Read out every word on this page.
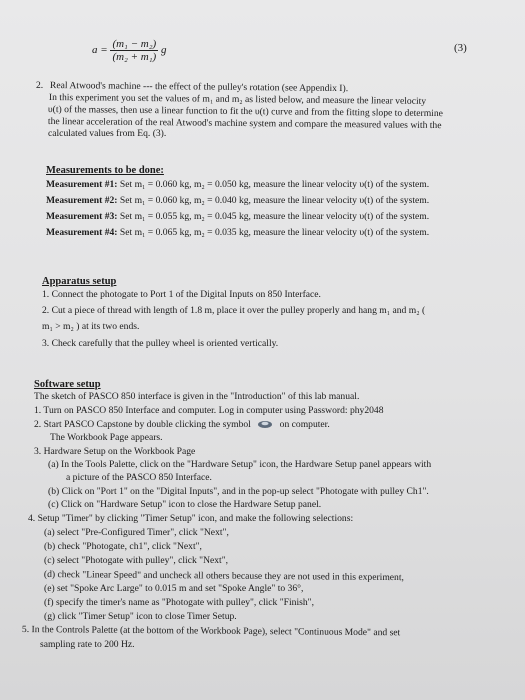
$a = \frac{\text{(m₁ − m₂)}}{\text{(m₂ + m₁)}}$ g	(3)
2. Real Atwood's machine --- the effect of the pulley's rotation (see Appendix I).
In this experiment you set the values of m₁ and m₂ as listed below, and measure the linear velocity
υ(t) of the masses, then use a linear function to fit the υ(t) curve and from the fitting slope to determine
the linear acceleration of the real Atwood's machine system and compare the measured values with the
calculated values from Eq. (3).
Measurements to be done:
Measurement #1: Set m₁ = 0.060 kg, m₂ = 0.050 kg, measure the linear velocity υ(t) of the system.
Measurement #2: Set m₁ = 0.060 kg, m₂ = 0.040 kg, measure the linear velocity υ(t) of the system.
Measurement #3: Set m₁ = 0.055 kg, m₂ = 0.045 kg, measure the linear velocity υ(t) of the system.
Measurement #4: Set m₁ = 0.065 kg, m₂ = 0.035 kg, measure the linear velocity υ(t) of the system.
Apparatus setup
1. Connect the photogate to Port 1 of the Digital Inputs on 850 Interface.
2. Cut a piece of thread with length of 1.8 m, place it over the pulley properly and hang m₁ and m₂ (
m₁ > m₂ ) at its two ends.
3. Check carefully that the pulley wheel is oriented vertically.
Software setup
The sketch of PASCO 850 interface is given in the "Introduction" of this lab manual.
1. Turn on PASCO 850 Interface and computer. Log in computer using Password: phy2048
2. Start PASCO Capstone by double clicking the symbol	on computer.
The Workbook Page appears.
3. Hardware Setup on the Workbook Page
(a) In the Tools Palette, click on the "Hardware Setup" icon, the Hardware Setup panel appears with
a picture of the PASCO 850 Interface.
(b) Click on "Port 1" on the "Digital Inputs", and in the pop-up select "Photogate with pulley Ch1".
(c) Click on "Hardware Setup" icon to close the Hardware Setup panel.
4. Setup "Timer" by clicking "Timer Setup" icon, and make the following selections:
(a) select "Pre-Configured Timer", click "Next",
(b) check "Photogate, ch1", click "Next",
(c) select "Photogate with pulley", click "Next",
(d) check "Linear Speed" and uncheck all others because they are not used in this experiment,
(e) set "Spoke Arc Large" to 0.015 m and set "Spoke Angle" to 36°,
(f) specify the timer's name as "Photogate with pulley", click "Finish",
(g) click "Timer Setup" icon to close Timer Setup.
5. In the Controls Palette (at the bottom of the Workbook Page), select "Continuous Mode" and set
sampling rate to 200 Hz.
